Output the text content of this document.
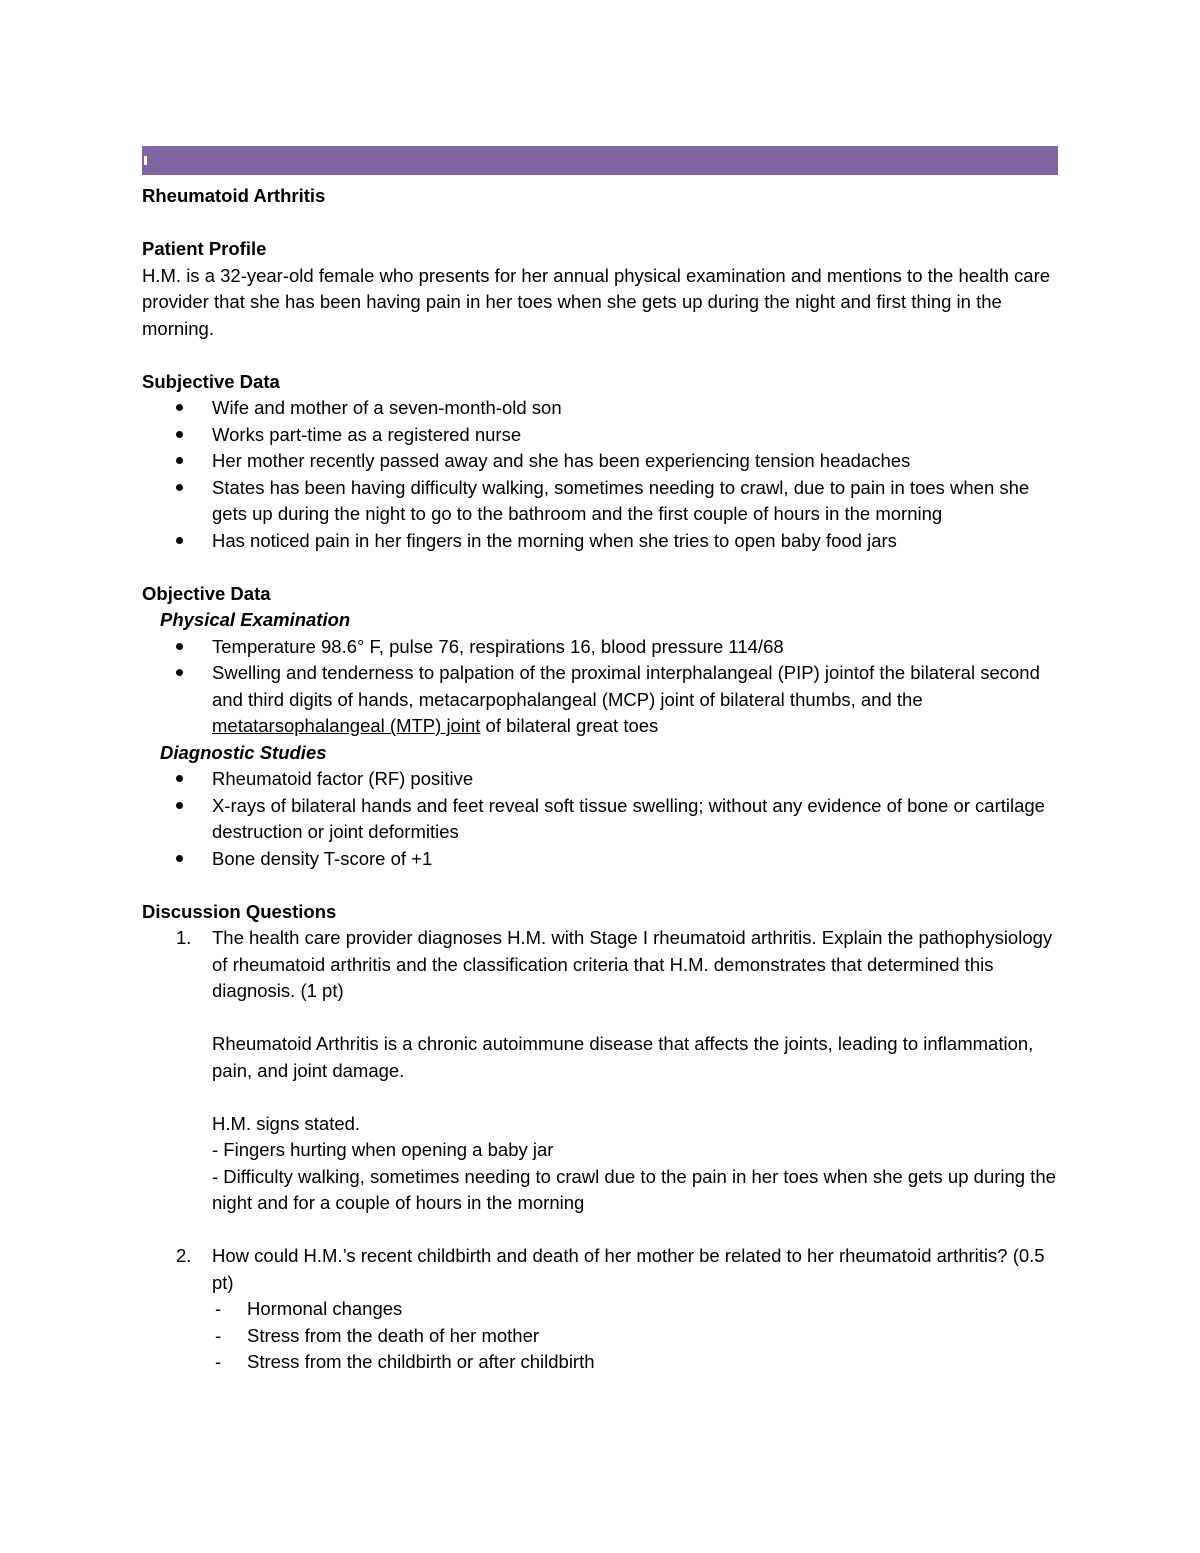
Rheumatoid Arthritis
Patient Profile
H.M. is a 32-year-old female who presents for her annual physical examination and mentions to the health care provider that she has been having pain in her toes when she gets up during the night and first thing in the morning.
Subjective Data
Wife and mother of a seven-month-old son
Works part-time as a registered nurse
Her mother recently passed away and she has been experiencing tension headaches
States has been having difficulty walking, sometimes needing to crawl, due to pain in toes when she gets up during the night to go to the bathroom and the first couple of hours in the morning
Has noticed pain in her fingers in the morning when she tries to open baby food jars
Objective Data
Physical Examination
Temperature 98.6° F, pulse 76, respirations 16, blood pressure 114/68
Swelling and tenderness to palpation of the proximal interphalangeal (PIP) jointof the bilateral second and third digits of hands, metacarpophalangeal (MCP) joint of bilateral thumbs, and the metatarsophalangeal (MTP) joint of bilateral great toes
Diagnostic Studies
Rheumatoid factor (RF) positive
X-rays of bilateral hands and feet reveal soft tissue swelling; without any evidence of bone or cartilage destruction or joint deformities
Bone density T-score of +1
Discussion Questions
1. The health care provider diagnoses H.M. with Stage I rheumatoid arthritis. Explain the pathophysiology of rheumatoid arthritis and the classification criteria that H.M. demonstrates that determined this diagnosis. (1 pt)
Rheumatoid Arthritis is a chronic autoimmune disease that affects the joints, leading to inflammation, pain, and joint damage.
H.M. signs stated.
- Fingers hurting when opening a baby jar
- Difficulty walking, sometimes needing to crawl due to the pain in her toes when she gets up during the night and for a couple of hours in the morning
2. How could H.M.’s recent childbirth and death of her mother be related to her rheumatoid arthritis? (0.5 pt)
- Hormonal changes
- Stress from the death of her mother
- Stress from the childbirth or after childbirth
